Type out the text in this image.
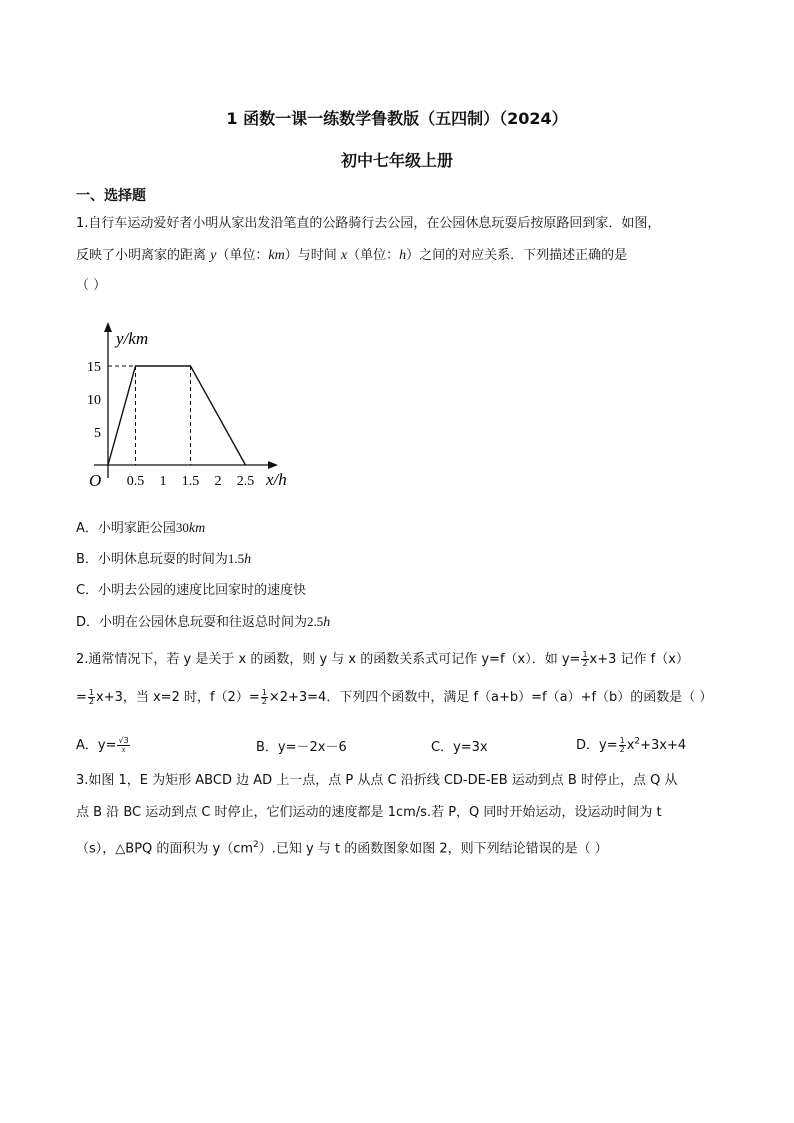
1 函数一课一练数学鲁教版（五四制）（2024）
初中七年级上册
一、选择题
1.自行车运动爱好者小明从家出发沿笔直的公路骑行去公园，在公园休息玩耍后按原路回到家．如图，
反映了小明离家的距离 y（单位：km）与时间 x（单位：h）之间的对应关系．下列描述正确的是
（ ）
y/km
x/h
O
15
10
5
0.5 1 1.5 2 2.5
A．小明家距公园30km
B．小明休息玩耍的时间为1.5h
C．小明去公园的速度比回家时的速度快
D．小明在公园休息玩耍和往返总时间为2.5h
2.通常情况下，若 y 是关于 x 的函数，则 y 与 x 的函数关系式可记作 y=f（x）．如 $y= \frac{1}{2} x+3$ 记作 f（x）
= $\frac{1}{2} x+3$，当 x=2 时，$f(2)= \frac{1}{2} \times 2+3=4$．下列四个函数中，满足 f（a+b）=f（a）+f（b）的函数是（ ）
A．$y= \frac{√3}{x}$	B．y=－2x－6	C．y=3x	D．$y= \frac{1}{2} x^2+3x+4$
3.如图 1，E 为矩形 ABCD 边 AD 上一点，点 P 从点 C 沿折线 CD-DE-EB 运动到点 B 时停止，点 Q 从
点 B 沿 BC 运动到点 C 时停止，它们运动的速度都是 1cm/s.若 P，Q 同时开始运动，设运动时间为 t
（s），△BPQ 的面积为 $y(cm^2)$.已知 y 与 t 的函数图象如图 2，则下列结论错误的是（ ）
